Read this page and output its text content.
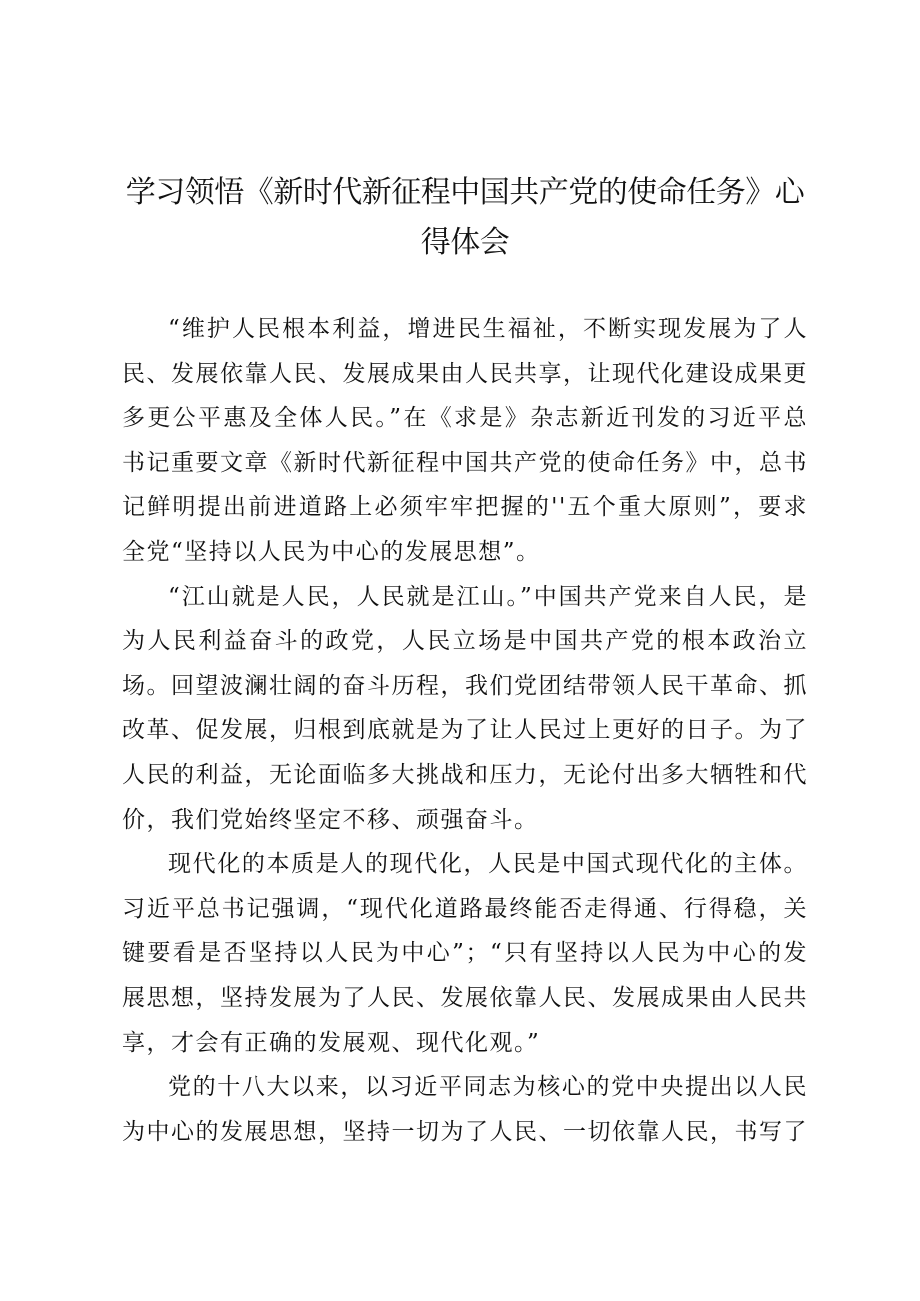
学习领悟《新时代新征程中国共产党的使命任务》心得体会

“维护人民根本利益，增进民生福祉，不断实现发展为了人民、发展依靠人民、发展成果由人民共享，让现代化建设成果更多更公平惠及全体人民。”在《求是》杂志新近刊发的习近平总书记重要文章《新时代新征程中国共产党的使命任务》中，总书记鲜明提出前进道路上必须牢牢把握的''五个重大原则”，要求全党“坚持以人民为中心的发展思想”。

“江山就是人民，人民就是江山。”中国共产党来自人民，是为人民利益奋斗的政党，人民立场是中国共产党的根本政治立场。回望波澜壮阔的奋斗历程，我们党团结带领人民干革命、抓改革、促发展，归根到底就是为了让人民过上更好的日子。为了人民的利益，无论面临多大挑战和压力，无论付出多大牺牲和代价，我们党始终坚定不移、顽强奋斗。

现代化的本质是人的现代化，人民是中国式现代化的主体。习近平总书记强调，“现代化道路最终能否走得通、行得稳，关键要看是否坚持以人民为中心”；“只有坚持以人民为中心的发展思想，坚持发展为了人民、发展依靠人民、发展成果由人民共享，才会有正确的发展观、现代化观。”

党的十八大以来，以习近平同志为核心的党中央提出以人民为中心的发展思想，坚持一切为了人民、一切依靠人民，书写了
